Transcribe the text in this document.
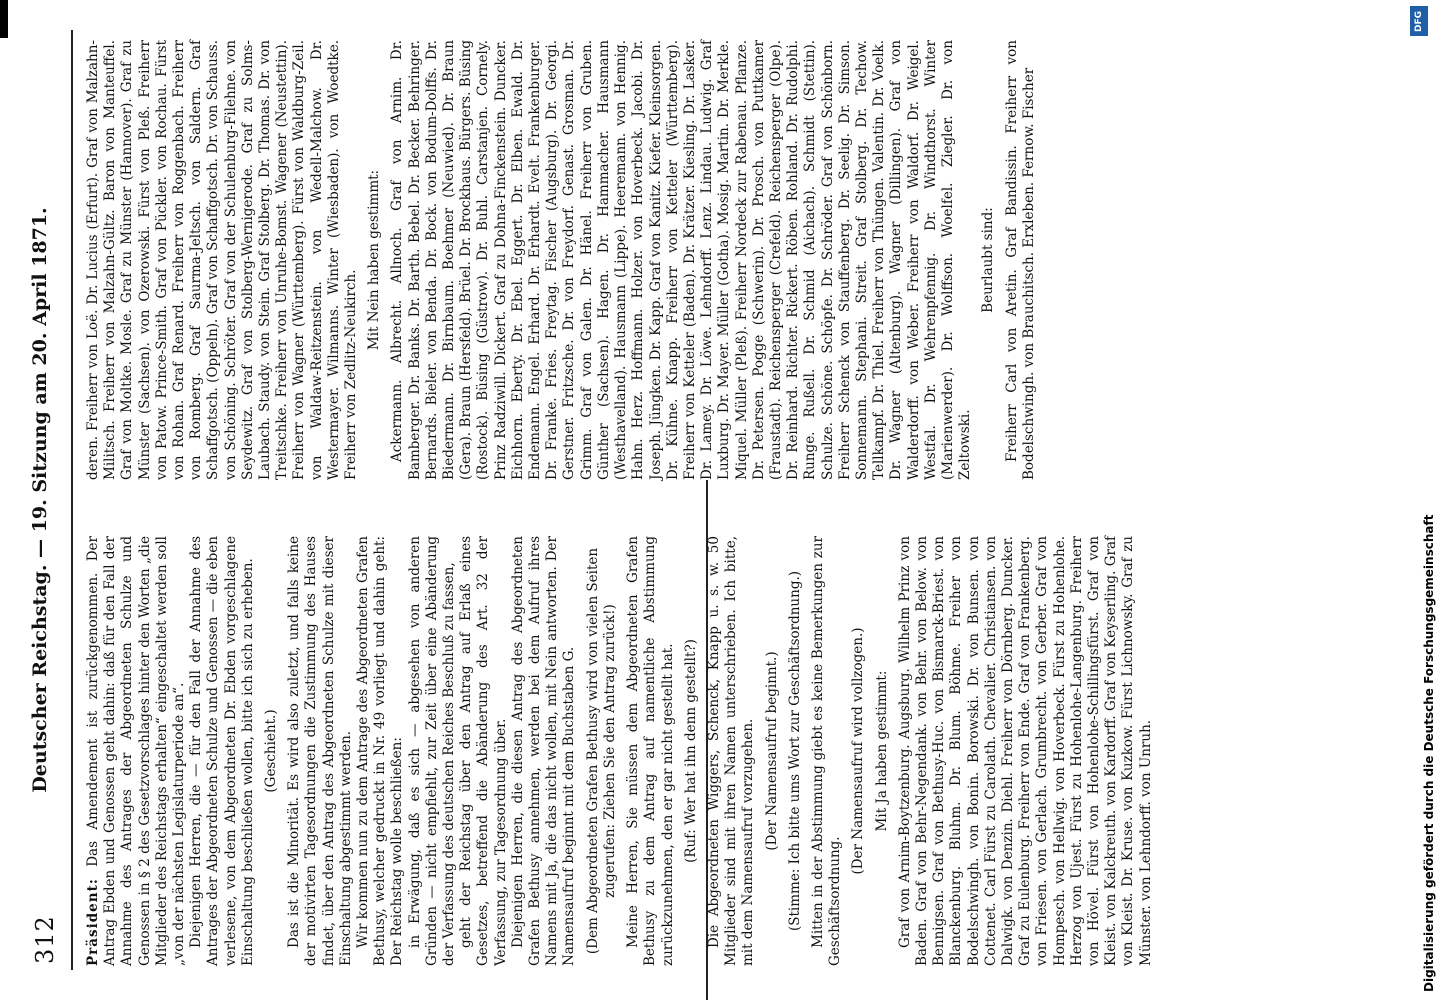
DFG
Digitalisierung gefördert durch die Deutsche Forschungsgemeinschaft
312
Deutscher Reichstag. — 19. Sitzung am 20. April 1871.

Präsident: Das Amendement ist zurückgenommen. Der Antrag Ebden und Genossen geht dahin: daß für den Fall der Annahme des Antrages der Abgeordneten Schulze und Genossen in § 2 des Gesetzvorschlages hinter den Worten „die Mitglieder des Reichstags erhalten“ eingeschaltet werden soll „von der nächsten Legislaturperiode an“. Diejenigen Herren, die — für den Fall der Annahme des Antrages der Abgeordneten Schulze und Genossen — die eben verlesene, von dem Abgeordneten Dr. Ebden vorgeschlagene Einschaltung beschließen wollen, bitte ich sich zu erheben. (Geschieht.) Das ist die Minorität. Es wird also zuletzt, und falls keine der motivirten Tagesordnungen die Zustimmung des Hauses findet, über den Antrag des Abgeordneten Schulze mit dieser Einschaltung abgestimmt werden. Wir kommen nun zu dem Antrage des Abgeordneten Grafen Bethusy, welcher gedruckt in Nr. 49 vorliegt und dahin geht: Der Reichstag wolle beschließen: in Erwägung, daß es sich — abgesehen von anderen Gründen — nicht empfiehlt, zur Zeit über eine Abänderung der Verfassung des deutschen Reiches Beschluß zu fassen, geht der Reichstag über den Antrag auf Erlaß eines Gesetzes, betreffend die Abänderung des Art. 32 der Verfassung, zur Tagesordnung über. Diejenigen Herren, die diesen Antrag des Abgeordneten Grafen Bethusy annehmen, werden bei dem Aufruf ihres Namens mit Ja, die das nicht wollen, mit Nein antworten. Der Namensaufruf beginnt mit dem Buchstaben G. (Dem Abgeordneten Grafen Bethusy wird von vielen Seiten zugerufen: Ziehen Sie den Antrag zurück!) Meine Herren, Sie müssen dem Abgeordneten Grafen Bethusy zu dem Antrag auf namentliche Abstimmung zurückzunehmen, den er gar nicht gestellt hat. (Ruf: Wer hat ihn denn gestellt?) Die Abgeordneten Wiggers, Schenck, Knapp u. s. w. 50 Mitglieder sind mit ihren Namen unterschrieben. Ich bitte, mit dem Namensaufruf vorzugehen. (Der Namensaufruf beginnt.) (Stimme: Ich bitte ums Wort zur Geschäftsordnung.) Mitten in der Abstimmung giebt es keine Bemerkungen zur Geschäftsordnung.

(Der Namensaufruf wird vollzogen.) Mit Ja haben gestimmt: Graf von Arnim-Boytzenburg. Augsburg. Wilhelm Prinz von Baden. Graf von Behr-Negendank. von Behr. von Below. von Bennigsen. Graf von Bethusy-Huc. von Bismarck-Briest. von Blanckenburg. Bluhm. Dr. Blum. Böhme. Freiher von Bodelschwingh. von Bonin. Borowski. Dr. von Bunsen. von Cottenet. Carl Fürst zu Carolath. Chevalier. Christiansen. von Dalwigk. von Denzin. Diehl. Freiherr von Dörnberg. Duncker. Graf zu Eulenburg. Freiherr von Ende. Graf von Frankenberg. von Friesen. von Gerlach. Grumbrecht. von Gerber. Graf von Hompesch. von Hellwig. von Hoverbeck. Fürst zu Hohenlohe. Herzog von Ujest. Fürst zu Hohenlohe-Langenburg. Freiherr von Hövel. Fürst von Hohenlohe-Schillingsfürst. Graf von Kleist. von Kalckreuth. von Kardorff. Graf von Keyserling. Graf von Kleist. Dr. Kruse. von Kuzkow. Fürst Lichnowsky. Graf zu Münster. von Lehndorff. von Unruh.

deren. Freiherr von Loë. Dr. Lucius (Erfurt). Graf von Malzahn-Militsch. Freiherr von Malzahn-Gültz. Baron von Manteuffel. Graf von Moltke. Mosle. Graf zu Münster (Hannover). Graf zu Münster (Sachsen). von Ozerowski. Fürst von Pleß. Freiherr von Patow. Prince-Smith. Graf von Pückler. von Rochau. Fürst von Rohan. Graf Renard. Freiherr von Roggenbach. Freiherr von Romberg. Graf Saurma-Jeltsch. von Saldern. Graf Schaffgotsch. (Oppeln). Graf von Schaffgotsch. Dr. von Schauss. von Schöning. Schröter. Graf von der Schulenburg-Filehne. von Seydewitz. Graf von Stolberg-Wernigerode. Graf zu Solms-Laubach. Staudy. von Stein. Graf Stolberg. Dr. Thomas. Dr. von Treitschke. Freiherr von Unruhe-Bomst. Wagener (Neustettin). Freiherr von Wagner (Württemberg). Fürst von Waldburg-Zeil. von Waldaw-Reitzenstein. von Wedell-Malchow. Dr. Westermayer. Wilmanns. Winter (Wiesbaden). von Woedtke. Freiherr von Zedlitz-Neukirch.

Mit Nein haben gestimmt: Ackermann. Albrecht. Allnoch. Graf von Arnim. Dr. Bamberger. Dr. Banks. Dr. Barth. Bebel. Dr. Becker. Behringer. Bernards. Bieler. von Benda. Dr. Bock. von Bodum-Dolffs. Dr. Biedermann. Dr. Birnbaum. Boehmer (Neuwied). Dr. Braun (Gera). Braun (Hersfeld). Brüel. Dr. Brockhaus. Bürgers. Büsing (Rostock). Büsing (Güstrow). Dr. Buhl. Carstanjen. Cornely. Prinz Radziwill. Dickert. Graf zu Dohna-Finckenstein. Duncker. Eichhorn. Eberty. Dr. Ebel. Eggert. Dr. Elben. Ewald. Dr. Endemann. Engel. Erhard. Dr. Erhardt. Evelt. Frankenburger. Dr. Franke. Fries. Freytag. Fischer (Augsburg). Dr. Georgi. Gerstner. Fritzsche. Dr. von Freydorf. Genast. Grosman. Dr. Grimm. Graf von Galen. Dr. Hänel. Freiherr von Gruben. Günther (Sachsen). Hagen. Dr. Hammacher. Hausmann (Westhavelland). Hausmann (Lippe). Heeremann. von Hennig. Hahn. Herz. Hoffmann. Holzer. von Hoverbeck. Jacobi. Dr. Joseph. Jüngken. Dr. Kapp. Graf von Kanitz. Kiefer. Kleinsorgen. Dr. Kühne. Knapp. Freiherr von Ketteler (Württemberg). Freiherr von Ketteler (Baden). Dr. Krätzer. Kiesling. Dr. Lasker. Dr. Lamey. Dr. Löwe. Lehndorff. Lenz. Lindau. Ludwig. Graf Luxburg. Dr. Mayer. Müller (Gotha). Mosig. Martin. Dr. Merkle. Miquel. Müller (Pleß). Freiherr Nordeck zur Rabenau. Pflanze. Dr. Petersen. Pogge (Schwerin). Dr. Prosch. von Puttkamer (Fraustadt). Reichensperger (Crefeld). Reichensperger (Olpe). Dr. Reinhard. Richter. Rickert. Röben. Rohland. Dr. Rudolphi. Runge. Rußell. Dr. Schmid (Aichach). Schmidt (Stettin). Schulze. Schöne. Schöpfe. Dr. Schröder. Graf von Schönborn. Freiherr Schenck von Stauffenberg. Dr. Seelig. Dr. Simson. Sonnemann. Stephani. Streit. Graf Stolberg. Dr. Techow. Tellkampf. Dr. Thiel. Freiherr von Thüngen. Valentin. Dr. Voelk. Dr. Wagner (Altenburg). Wagner (Dillingen). Graf von Walderdorff. von Weber. Freiherr von Waldorf. Dr. Weigel. Westfal. Dr. Wehrenpfennig. Dr. Windthorst. Winter (Marienwerder). Dr. Wolffson. Woelfel. Ziegler. Dr. von Zeltowski.

Beurlaubt sind: Freiherr Carl von Aretin. Graf Bandissin. Freiherr von Bodelschwingh. von Brauchitsch. Erxleben. Fernow. Fischer
